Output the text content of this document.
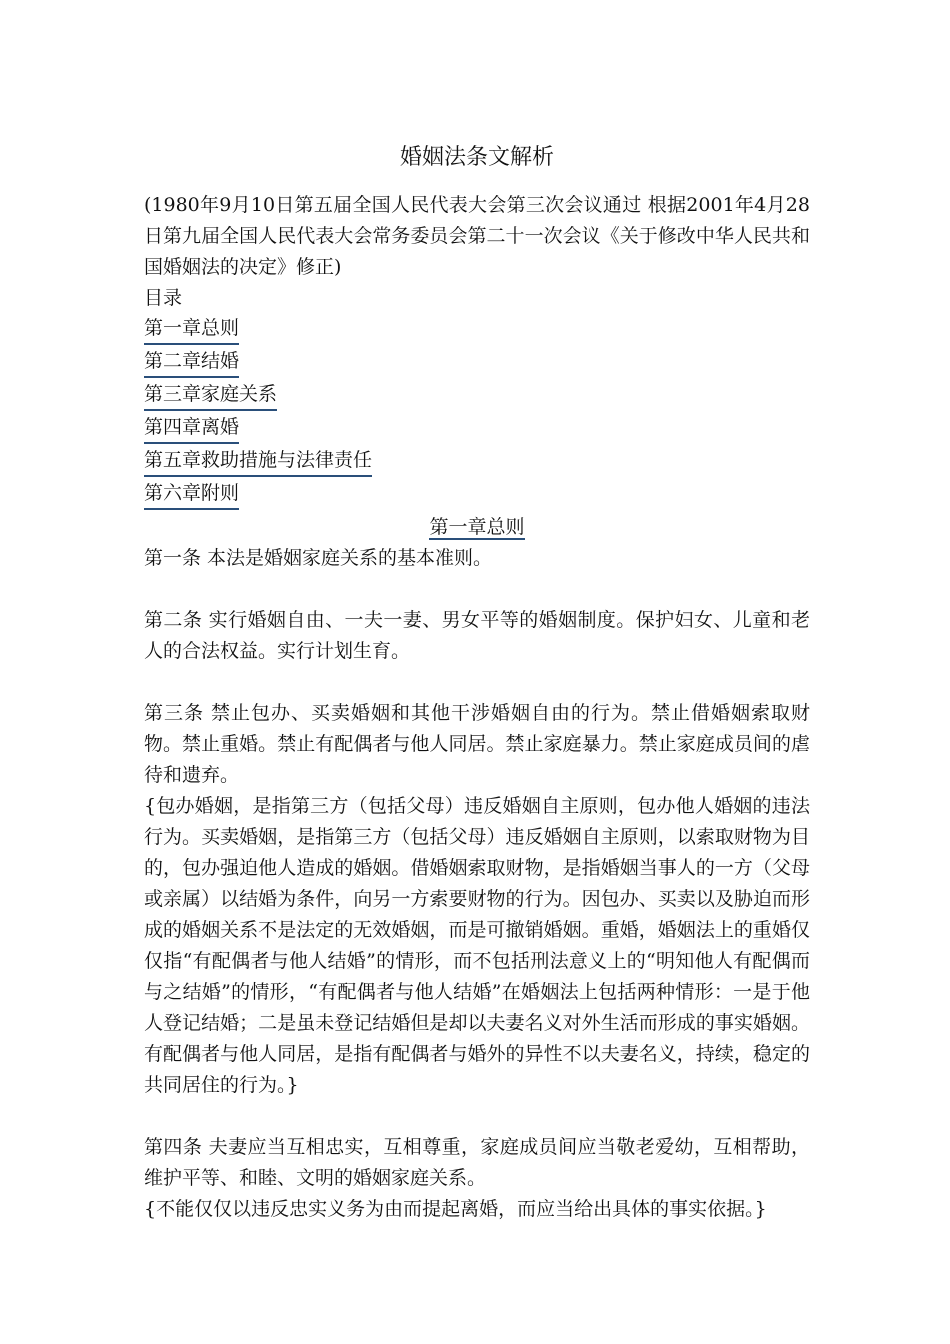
婚姻法条文解析

(1980年9月10日第五届全国人民代表大会第三次会议通过 根据2001年4月28日第九届全国人民代表大会常务委员会第二十一次会议《关于修改中华人民共和国婚姻法的决定》修正)

目录

第一章总则
第二章结婚
第三章家庭关系
第四章离婚
第五章救助措施与法律责任
第六章附则

第一章总则

第一条 本法是婚姻家庭关系的基本准则。

第二条 实行婚姻自由、一夫一妻、男女平等的婚姻制度。保护妇女、儿童和老人的合法权益。实行计划生育。

第三条 禁止包办、买卖婚姻和其他干涉婚姻自由的行为。禁止借婚姻索取财物。禁止重婚。禁止有配偶者与他人同居。禁止家庭暴力。禁止家庭成员间的虐待和遗弃。

{包办婚姻，是指第三方（包括父母）违反婚姻自主原则，包办他人婚姻的违法行为。买卖婚姻，是指第三方（包括父母）违反婚姻自主原则，以索取财物为目的，包办强迫他人造成的婚姻。借婚姻索取财物，是指婚姻当事人的一方（父母或亲属）以结婚为条件，向另一方索要财物的行为。因包办、买卖以及胁迫而形成的婚姻关系不是法定的无效婚姻，而是可撤销婚姻。重婚，婚姻法上的重婚仅仅指“有配偶者与他人结婚”的情形，而不包括刑法意义上的“明知他人有配偶而与之结婚”的情形，“有配偶者与他人结婚”在婚姻法上包括两种情形：一是于他人登记结婚；二是虽未登记结婚但是却以夫妻名义对外生活而形成的事实婚姻。有配偶者与他人同居，是指有配偶者与婚外的异性不以夫妻名义，持续，稳定的共同居住的行为。}

第四条 夫妻应当互相忠实，互相尊重，家庭成员间应当敬老爱幼，互相帮助，维护平等、和睦、文明的婚姻家庭关系。

{不能仅仅以违反忠实义务为由而提起离婚，而应当给出具体的事实依据。}
